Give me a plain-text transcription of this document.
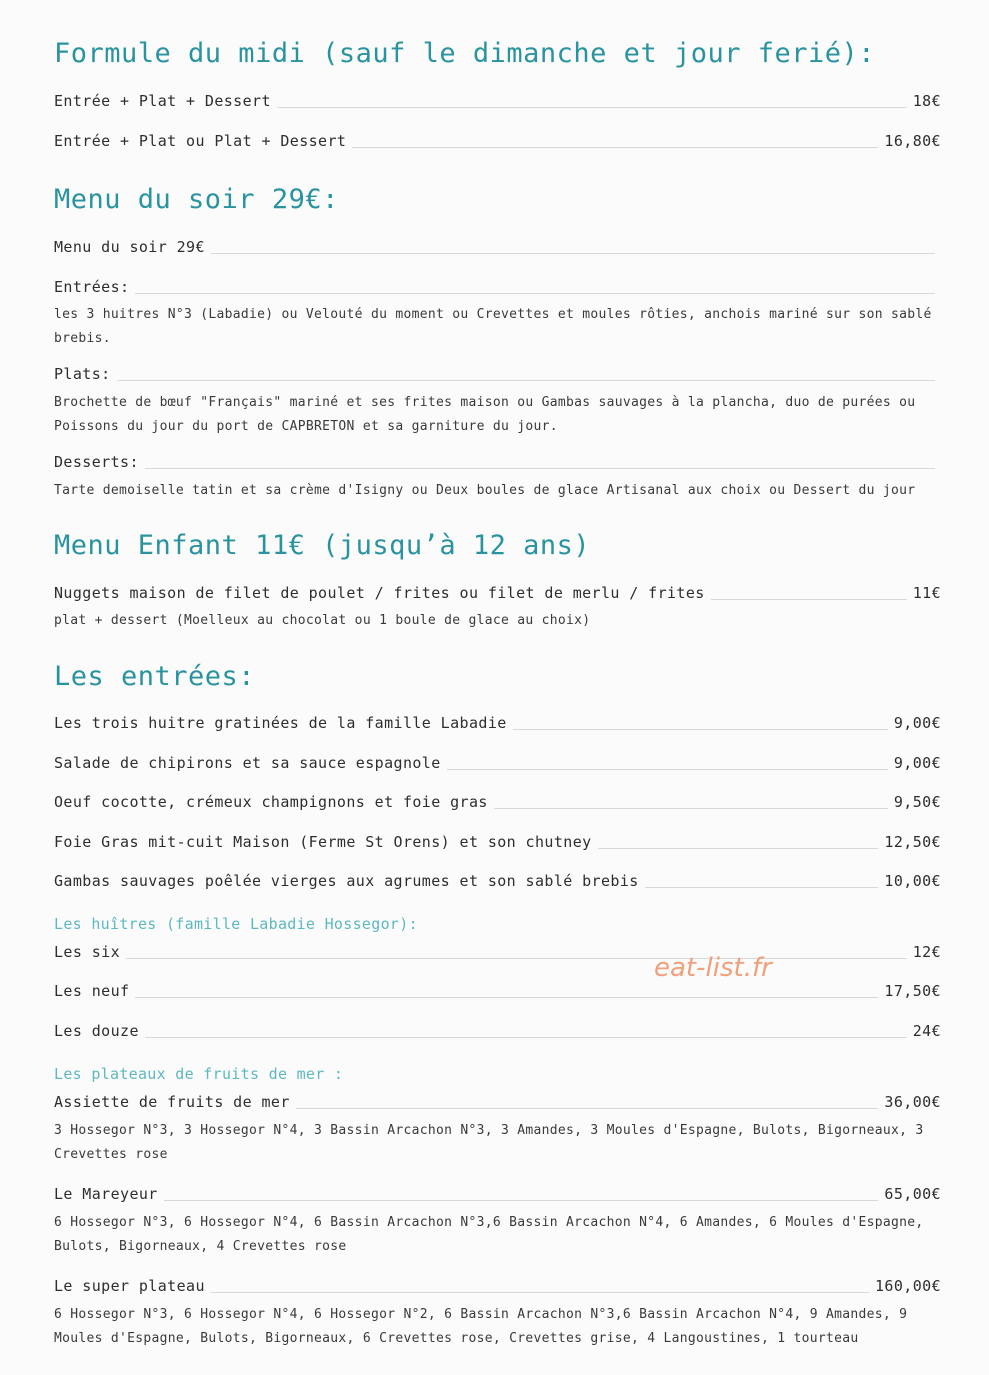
Formule du midi (sauf le dimanche et jour ferié):
Entrée + Plat + Dessert	18€
Entrée + Plat ou Plat + Dessert	16,80€
Menu du soir 29€:
Menu du soir 29€
Entrées:
les 3 huitres N°3 (Labadie) ou Velouté du moment ou Crevettes et moules rôties, anchois mariné sur son sablé brebis.
Plats:
Brochette de bœuf "Français" mariné et ses frites maison ou Gambas sauvages à la plancha, duo de purées ou Poissons du jour du port de CAPBRETON et sa garniture du jour.
Desserts:
Tarte demoiselle tatin et sa crème d'Isigny ou Deux boules de glace Artisanal aux choix ou Dessert du jour
Menu Enfant 11€ (jusqu’à 12 ans)
Nuggets maison de filet de poulet / frites ou filet de merlu / frites	11€
plat + dessert (Moelleux au chocolat ou 1 boule de glace au choix)
Les entrées:
Les trois huitre gratinées de la famille Labadie	9,00€
Salade de chipirons et sa sauce espagnole	9,00€
Oeuf cocotte, crémeux champignons et foie gras	9,50€
Foie Gras mit-cuit Maison (Ferme St Orens) et son chutney	12,50€
Gambas sauvages poêlée vierges aux agrumes et son sablé brebis	10,00€
Les huîtres (famille Labadie Hossegor):
Les six	12€
Les neuf	17,50€
Les douze	24€
Les plateaux de fruits de mer :
Assiette de fruits de mer	36,00€
3 Hossegor N°3, 3 Hossegor N°4, 3 Bassin Arcachon N°3, 3 Amandes, 3 Moules d'Espagne, Bulots, Bigorneaux, 3 Crevettes rose
Le Mareyeur	65,00€
6 Hossegor N°3, 6 Hossegor N°4, 6 Bassin Arcachon N°3,6 Bassin Arcachon N°4, 6 Amandes, 6 Moules d'Espagne, Bulots, Bigorneaux, 4 Crevettes rose
Le super plateau	160,00€
6 Hossegor N°3, 6 Hossegor N°4, 6 Hossegor N°2, 6 Bassin Arcachon N°3,6 Bassin Arcachon N°4, 9 Amandes, 9 Moules d'Espagne, Bulots, Bigorneaux, 6 Crevettes rose, Crevettes grise, 4 Langoustines, 1 tourteau
eat-list.fr
